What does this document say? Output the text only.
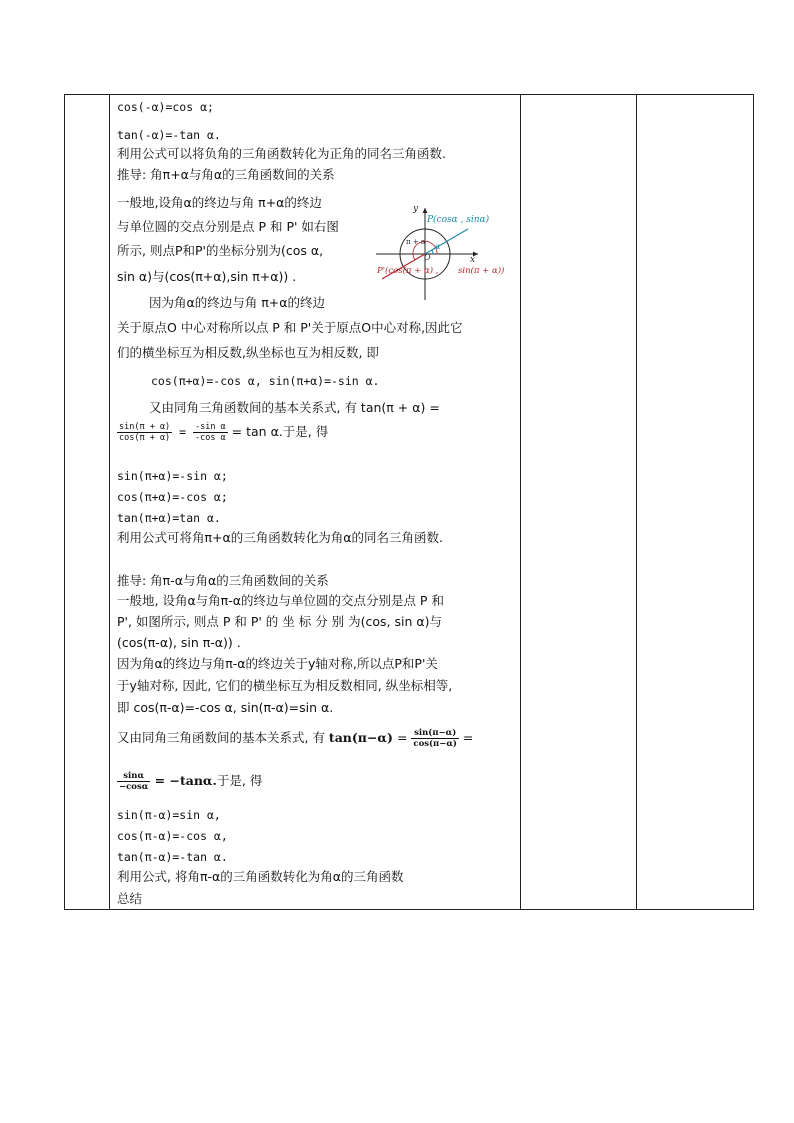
cos(-α)=cos α;
tan(-α)=-tan α.
利用公式可以将负角的三角函数转化为正角的同名三角函数.
推导: 角π+α与角α的三角函数间的关系
一般地,设角α的终边与角 π+α的终边
与单位圆的交点分别是点 P 和 P' 如右图
所示, 则点P和P'的坐标分别为(cos α,
sin α)与(cos(π+α),sin π+α)) .
因为角α的终边与角 π+α的终边
关于原点O 中心对称所以点 P 和 P'关于原点O中心对称,因此它
们的横坐标互为相反数,纵坐标也互为相反数, 即
cos(π+α)=-cos α, sin(π+α)=-sin α.
又由同角三角函数间的基本关系式, 有 tan(π + α) =
$\frac{\sin(\pi + \alpha)}{\cos(\pi + \alpha)} = \frac{\text{-sin α}}{\text{-cos α}} = \tan \alpha$.于是, 得
sin(π+α)=-sin α;
cos(π+α)=-cos α;
tan(π+α)=tan α.
利用公式可将角π+α的三角函数转化为角α的同名三角函数.
推导: 角π-α与角α的三角函数间的关系
一般地, 设角α与角π-α的终边与单位圆的交点分别是点 P 和
P', 如图所示, 则点 P 和 P' 的 坐 标 分 别 为(cos, sin α)与
(cos(π-α), sin π-α)) .
因为角α的终边与角π-α的终边关于y轴对称,所以点P和P'关
于y轴对称, 因此, 它们的横坐标互为相反数相同, 纵坐标相等,
即 cos(π-α)=-cos α, sin(π-α)=sin α.
又由同角三角函数间的基本关系式, 有 $\tan(\pi-\alpha) = \frac{\sin(\pi-\alpha)}{\cos(\pi-\alpha)}$ =
$\frac{\sin\alpha}{-\cos\alpha} = -\tan\alpha$.于是, 得
sin(π-α)=sin α,
cos(π-α)=-cos α,
tan(π-α)=-tan α.
利用公式, 将角π-α的三角函数转化为角α的三角函数
总结
y
x
O
P(cosα , sinα)
P'(cos(π + α) , sin(π + α))
π + α α
